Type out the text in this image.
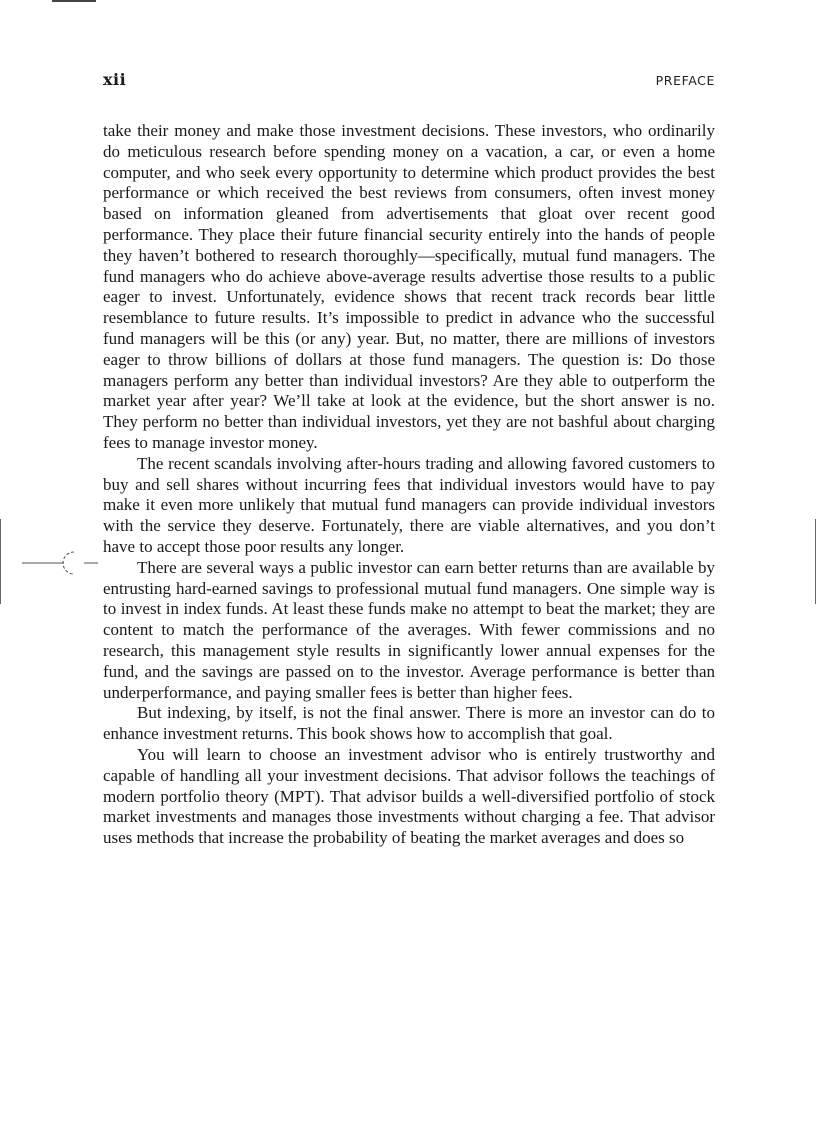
xii	PREFACE

take their money and make those investment decisions. These investors, who ordinarily do meticulous research before spending money on a vacation, a car, or even a home computer, and who seek every opportunity to determine which product provides the best performance or which received the best reviews from consumers, often invest money based on information gleaned from advertisements that gloat over recent good performance. They place their future financial security entirely into the hands of people they haven’t bothered to research thoroughly—specifically, mutual fund managers. The fund managers who do achieve above-average results advertise those results to a public eager to invest. Unfortunately, evidence shows that recent track records bear little resemblance to future results. It’s impossible to predict in advance who the successful fund managers will be this (or any) year. But, no matter, there are millions of investors eager to throw billions of dollars at those fund managers. The question is: Do those managers perform any better than individual investors? Are they able to outperform the market year after year? We’ll take at look at the evidence, but the short answer is no. They perform no better than individual investors, yet they are not bashful about charging fees to manage investor money.

The recent scandals involving after-hours trading and allowing favored customers to buy and sell shares without incurring fees that individual investors would have to pay make it even more unlikely that mutual fund managers can provide individual investors with the service they deserve. Fortunately, there are viable alternatives, and you don’t have to accept those poor results any longer.

There are several ways a public investor can earn better returns than are available by entrusting hard-earned savings to professional mutual fund managers. One simple way is to invest in index funds. At least these funds make no attempt to beat the market; they are content to match the performance of the averages. With fewer commissions and no research, this management style results in significantly lower annual expenses for the fund, and the savings are passed on to the investor. Average performance is better than underperformance, and paying smaller fees is better than higher fees.

But indexing, by itself, is not the final answer. There is more an investor can do to enhance investment returns. This book shows how to accomplish that goal.

You will learn to choose an investment advisor who is entirely trustworthy and capable of handling all your investment decisions. That advisor follows the teachings of modern portfolio theory (MPT). That advisor builds a well-diversified portfolio of stock market investments and manages those investments without charging a fee. That advisor uses methods that increase the probability of beating the market averages and does so
